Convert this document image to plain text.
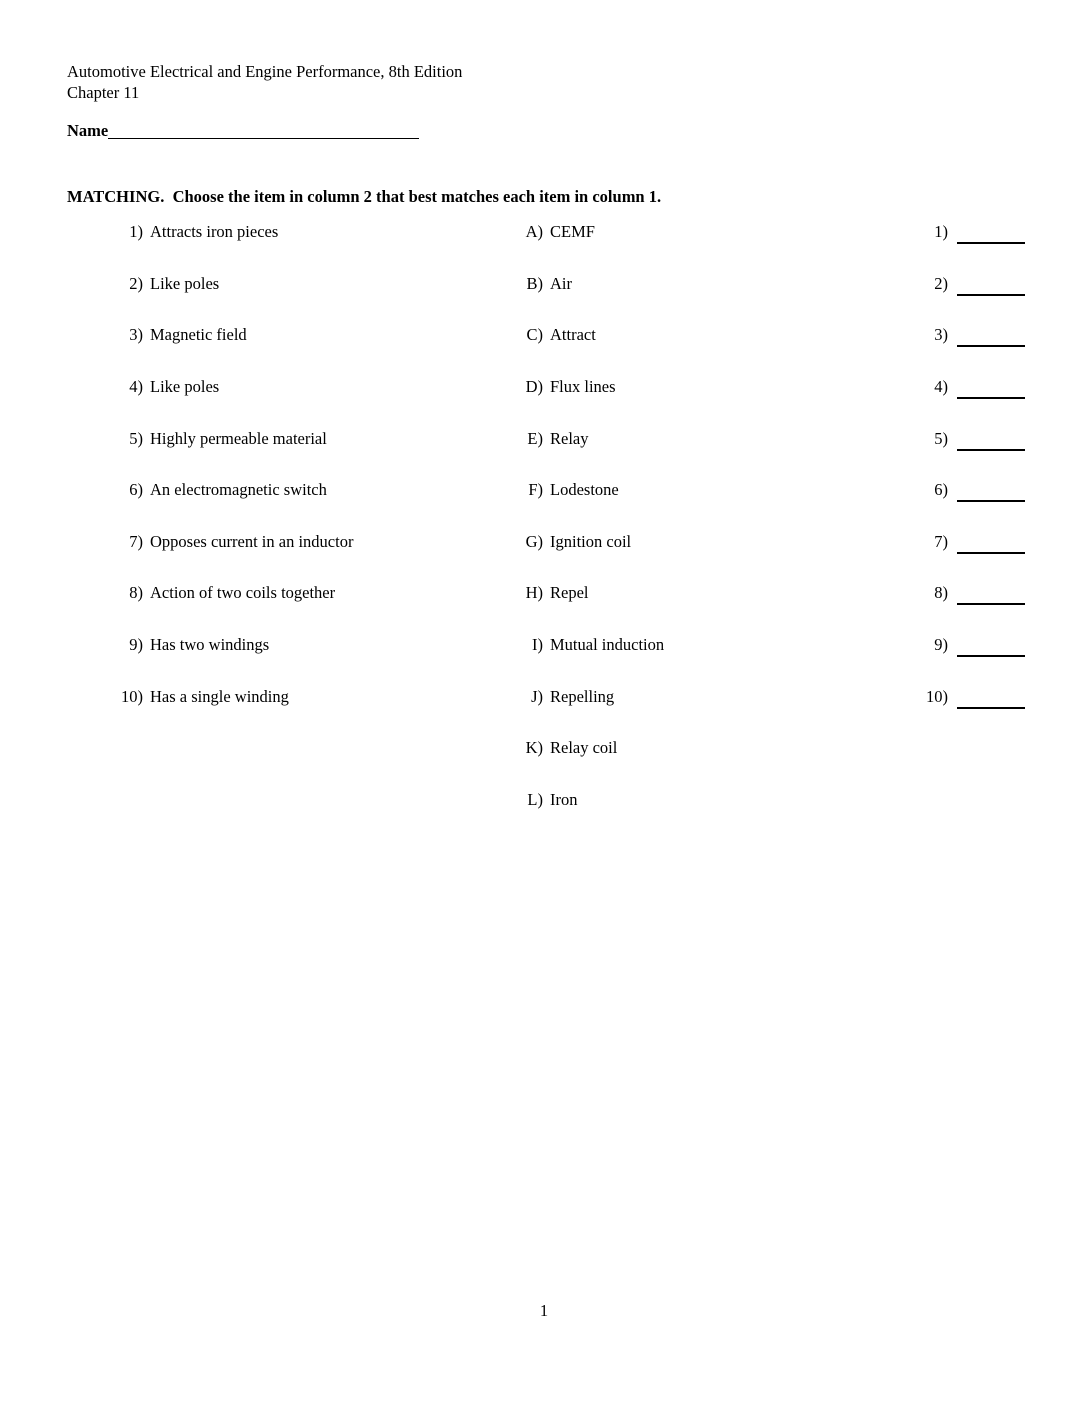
Automotive Electrical and Engine Performance, 8th Edition
Chapter 11
Name
MATCHING.  Choose the item in column 2 that best matches each item in column 1.
1) Attracts iron pieces
2) Like poles
3) Magnetic field
4) Like poles
5) Highly permeable material
6) An electromagnetic switch
7) Opposes current in an inductor
8) Action of two coils together
9) Has two windings
10) Has a single winding
A) CEMF
B) Air
C) Attract
D) Flux lines
E) Relay
F) Lodestone
G) Ignition coil
H) Repel
I) Mutual induction
J) Repelling
K) Relay coil
L) Iron
1)
2)
3)
4)
5)
6)
7)
8)
9)
10)
1
